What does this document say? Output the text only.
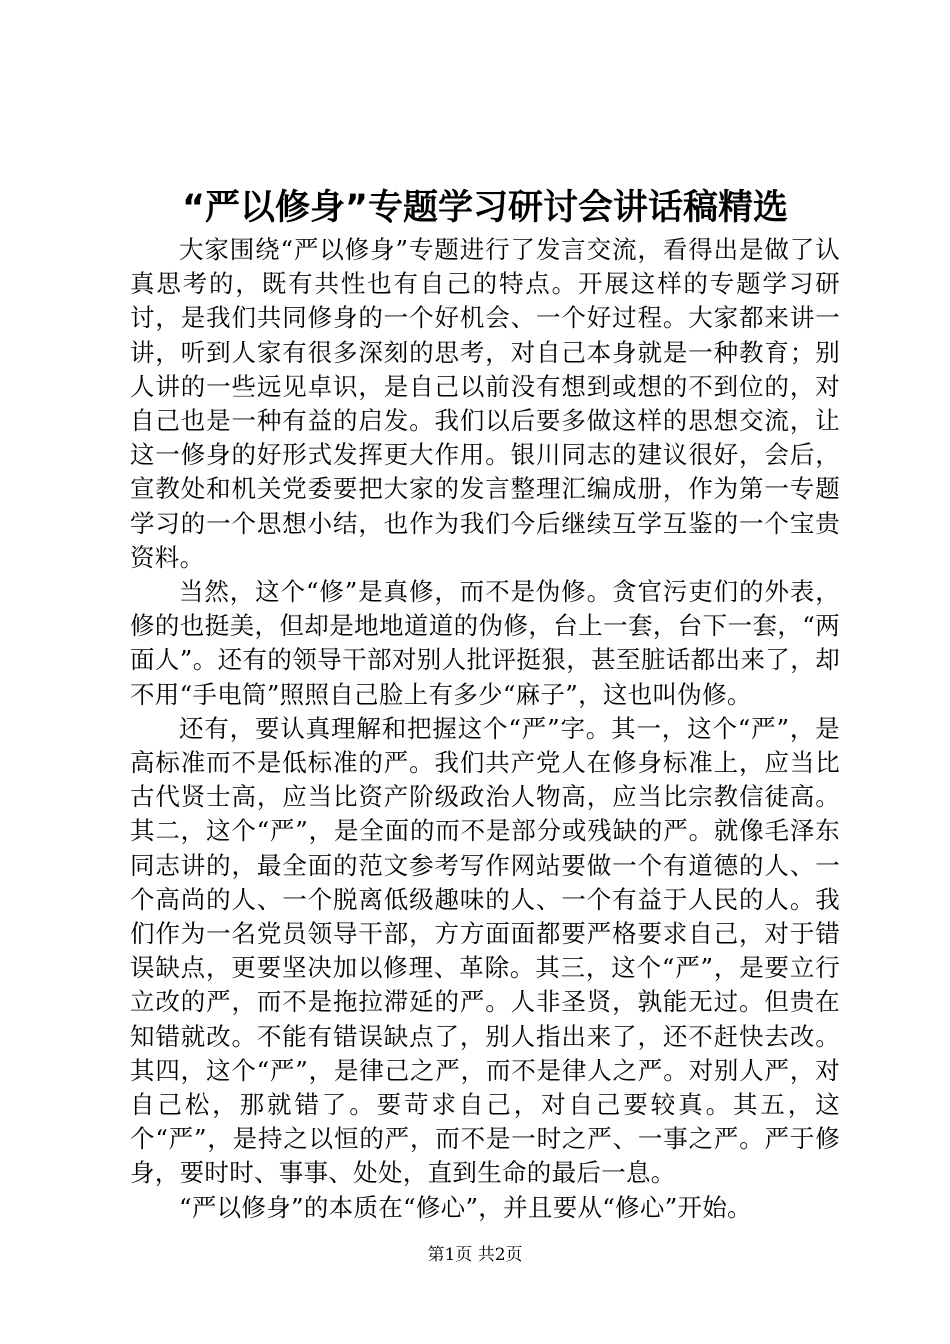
“严以修身”专题学习研讨会讲话稿精选

大家围绕“严以修身”专题进行了发言交流，看得出是做了认真思考的，既有共性也有自己的特点。开展这样的专题学习研讨，是我们共同修身的一个好机会、一个好过程。大家都来讲一讲，听到人家有很多深刻的思考，对自己本身就是一种教育；别人讲的一些远见卓识，是自己以前没有想到或想的不到位的，对自己也是一种有益的启发。我们以后要多做这样的思想交流，让这一修身的好形式发挥更大作用。银川同志的建议很好，会后，宣教处和机关党委要把大家的发言整理汇编成册，作为第一专题学习的一个思想小结，也作为我们今后继续互学互鉴的一个宝贵资料。

当然，这个“修”是真修，而不是伪修。贪官污吏们的外表，修的也挺美，但却是地地道道的伪修，台上一套，台下一套，“两面人”。还有的领导干部对别人批评挺狠，甚至脏话都出来了，却不用“手电筒”照照自己脸上有多少“麻子”，这也叫伪修。

还有，要认真理解和把握这个“严”字。其一，这个“严”，是高标准而不是低标准的严。我们共产党人在修身标准上，应当比古代贤士高，应当比资产阶级政治人物高，应当比宗教信徒高。其二，这个“严”，是全面的而不是部分或残缺的严。就像毛泽东同志讲的，最全面的范文参考写作网站要做一个有道德的人、一个高尚的人、一个脱离低级趣味的人、一个有益于人民的人。我们作为一名党员领导干部，方方面面都要严格要求自己，对于错误缺点，更要坚决加以修理、革除。其三，这个“严”，是要立行立改的严，而不是拖拉滞延的严。人非圣贤，孰能无过。但贵在知错就改。不能有错误缺点了，别人指出来了，还不赶快去改。其四，这个“严”，是律己之严，而不是律人之严。对别人严，对自己松，那就错了。要苛求自己，对自己要较真。其五，这个“严”，是持之以恒的严，而不是一时之严、一事之严。严于修身，要时时、事事、处处，直到生命的最后一息。

“严以修身”的本质在“修心”，并且要从“修心”开始。

第1页 共2页
